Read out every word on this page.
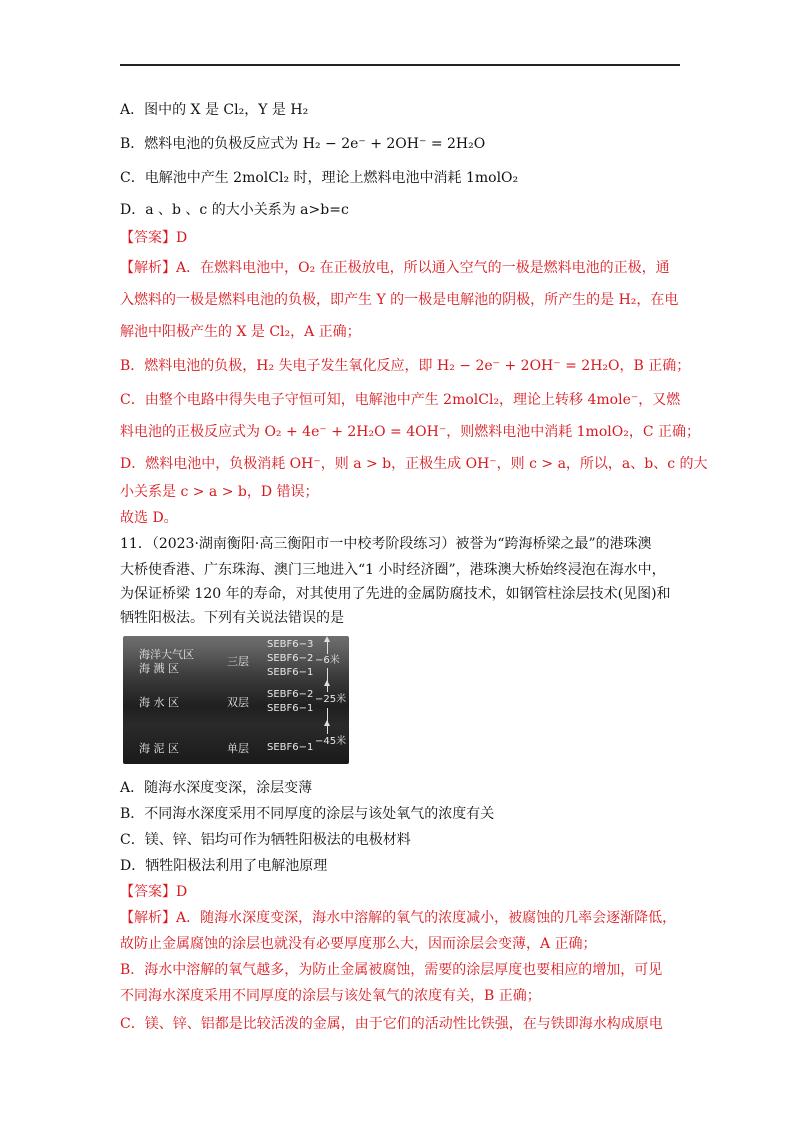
A．图中的 X 是 Cl₂，Y 是 H₂
B．燃料电池的负极反应式为 H₂ − 2e⁻ + 2OH⁻ = 2H₂O
C．电解池中产生 2molCl₂ 时，理论上燃料电池中消耗 1molO₂
D．a 、b 、c 的大小关系为 a>b=c
【答案】D
【解析】A．在燃料电池中，O₂ 在正极放电，所以通入空气的一极是燃料电池的正极，通
入燃料的一极是燃料电池的负极，即产生 Y 的一极是电解池的阴极，所产生的是 H₂，在电
解池中阳极产生的 X 是 Cl₂，A 正确；
B．燃料电池的负极，H₂ 失电子发生氧化反应，即 H₂ − 2e⁻ + 2OH⁻ = 2H₂O，B 正确；
C．由整个电路中得失电子守恒可知，电解池中产生 2molCl₂，理论上转移 4mole⁻，又燃
料电池的正极反应式为 O₂ + 4e⁻ + 2H₂O = 4OH⁻，则燃料电池中消耗 1molO₂，C 正确；
D．燃料电池中，负极消耗 OH⁻，则 a > b，正极生成 OH⁻，则 c > a，所以，a、b、c 的大
小关系是 c > a > b，D 错误；
故选 D。
11．（2023·湖南衡阳·高三衡阳市一中校考阶段练习）被誉为“跨海桥梁之最”的港珠澳
大桥使香港、广东珠海、澳门三地进入“1 小时经济圈”，港珠澳大桥始终浸泡在海水中，
为保证桥梁 120 年的寿命，对其使用了先进的金属防腐技术，如钢管柱涂层技术(见图)和
牺牲阳极法。下列有关说法错误的是
海洋大气区
海 溅 区
三层
SEBF6−3
SEBF6−2
SEBF6−1
−6米
海 水 区	双层
SEBF6−2
SEBF6−1
−25米
海 泥 区	单层 SEBF6−1
−45米
A．随海水深度变深，涂层变薄
B．不同海水深度采用不同厚度的涂层与该处氧气的浓度有关
C．镁、锌、铝均可作为牺牲阳极法的电极材料
D．牺牲阳极法利用了电解池原理
【答案】D
【解析】A．随海水深度变深，海水中溶解的氧气的浓度减小，被腐蚀的几率会逐渐降低，
故防止金属腐蚀的涂层也就没有必要厚度那么大，因而涂层会变薄，A 正确；
B．海水中溶解的氧气越多，为防止金属被腐蚀，需要的涂层厚度也要相应的增加，可见
不同海水深度采用不同厚度的涂层与该处氧气的浓度有关，B 正确；
C．镁、锌、铝都是比较活泼的金属，由于它们的活动性比铁强，在与铁即海水构成原电
